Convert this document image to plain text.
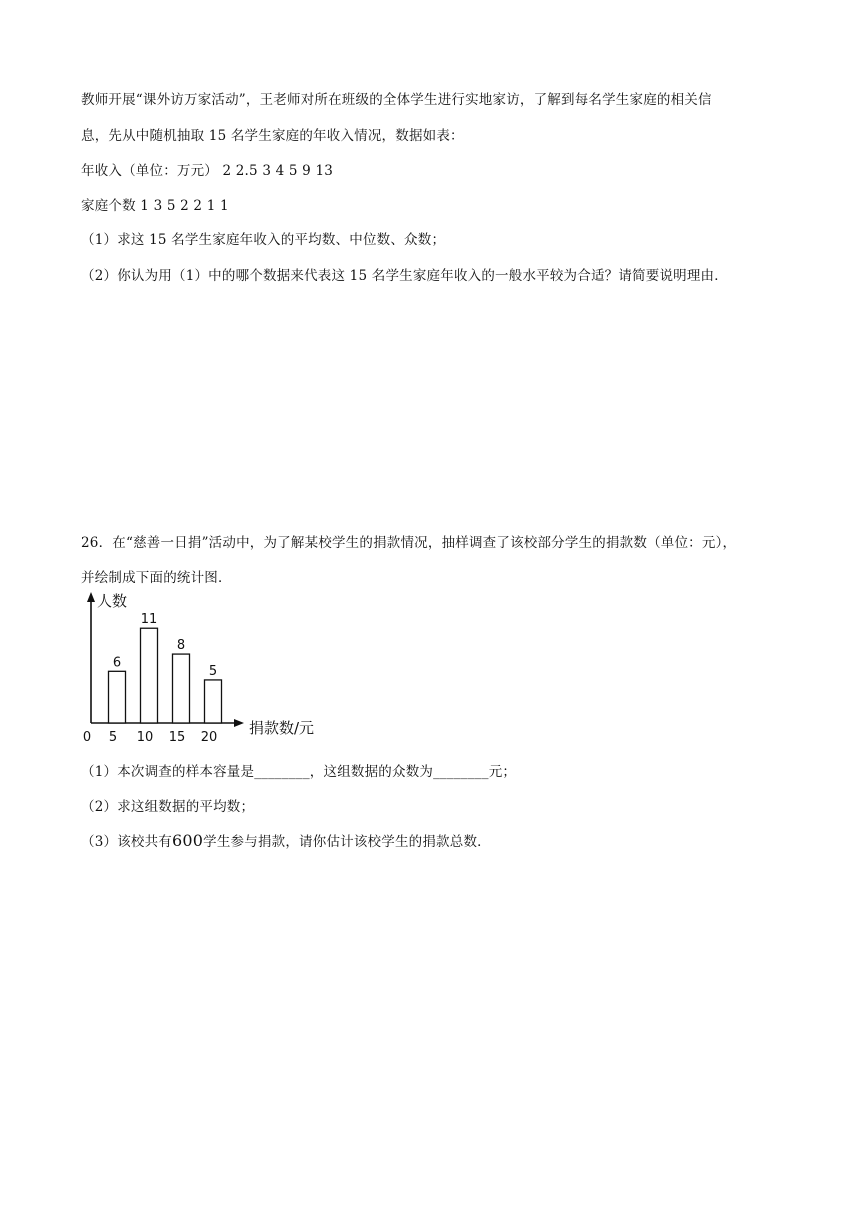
教师开展“课外访万家活动”，王老师对所在班级的全体学生进行实地家访，了解到每名学生家庭的相关信
息，先从中随机抽取 15 名学生家庭的年收入情况，数据如表：
年收入（单位：万元） 2 2.5 3 4 5 9 13
家庭个数 1 3 5 2 2 1 1
（1）求这 15 名学生家庭年收入的平均数、中位数、众数；
（2）你认为用（1）中的哪个数据来代表这 15 名学生家庭年收入的一般水平较为合适？请简要说明理由．
26．在“慈善一日捐”活动中，为了解某校学生的捐款情况，抽样调查了该校部分学生的捐款数（单位：元），
并绘制成下面的统计图．
人数
捐款数/元
0
6
5
11
10
8
15
5
20
（1）本次调查的样本容量是________，这组数据的众数为________元；
（2）求这组数据的平均数；
（3）该校共有600学生参与捐款，请你估计该校学生的捐款总数．
